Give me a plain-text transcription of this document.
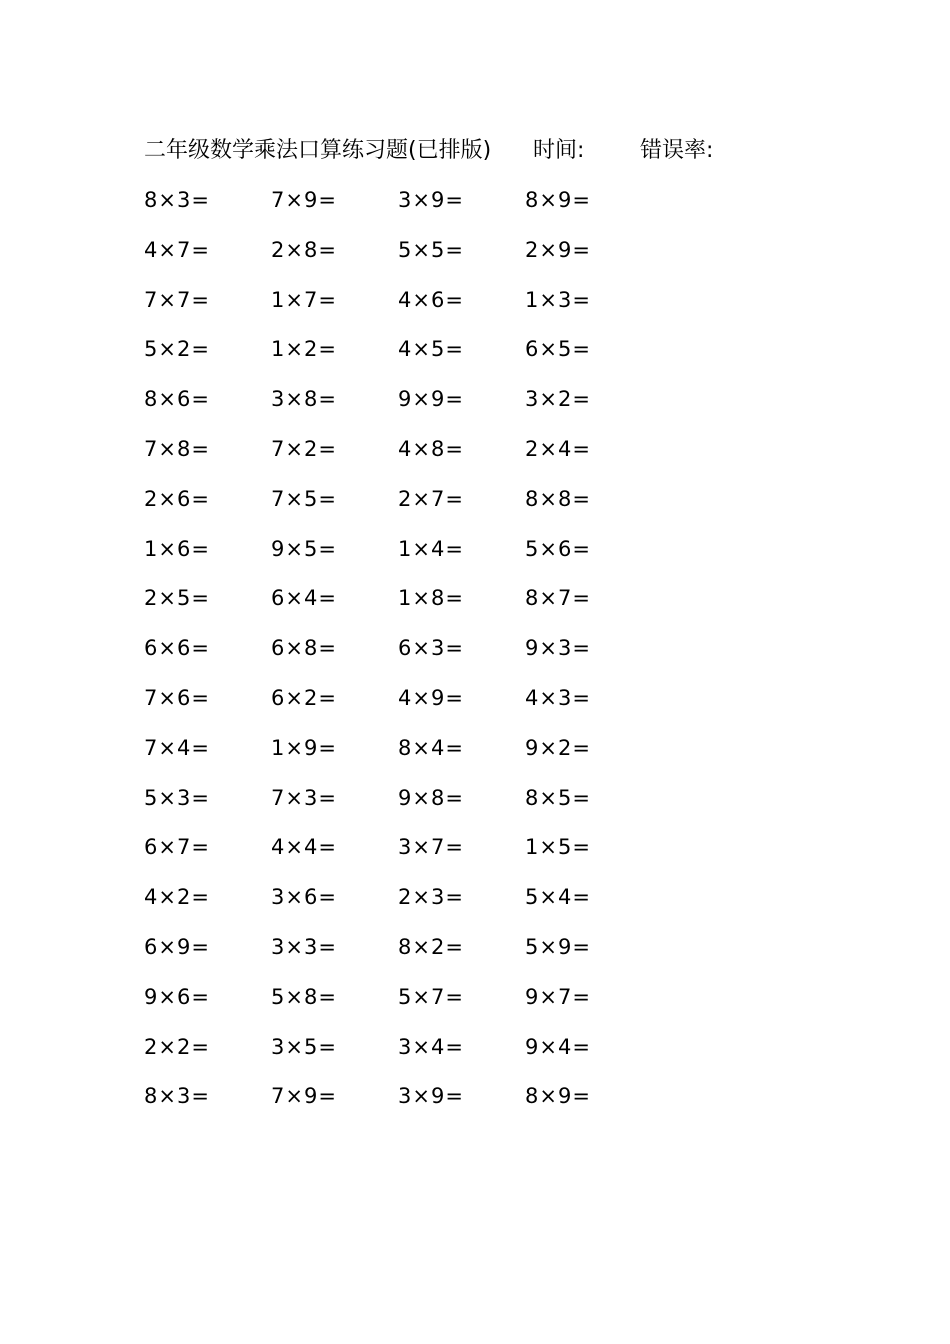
二年级数学乘法口算练习题(已排版) 时间:	错误率:
8×3=	7×9=	3×9=	8×9=
4×7=	2×8=	5×5=	2×9=
7×7=	1×7=	4×6=	1×3=
5×2=	1×2=	4×5=	6×5=
8×6=	3×8=	9×9=	3×2=
7×8=	7×2=	4×8=	2×4=
2×6=	7×5=	2×7=	8×8=
1×6=	9×5=	1×4=	5×6=
2×5=	6×4=	1×8=	8×7=
6×6=	6×8=	6×3=	9×3=
7×6=	6×2=	4×9=	4×3=
7×4=	1×9=	8×4=	9×2=
5×3=	7×3=	9×8=	8×5=
6×7=	4×4=	3×7=	1×5=
4×2=	3×6=	2×3=	5×4=
6×9=	3×3=	8×2=	5×9=
9×6=	5×8=	5×7=	9×7=
2×2=	3×5=	3×4=	9×4=
8×3=	7×9=	3×9=	8×9=
